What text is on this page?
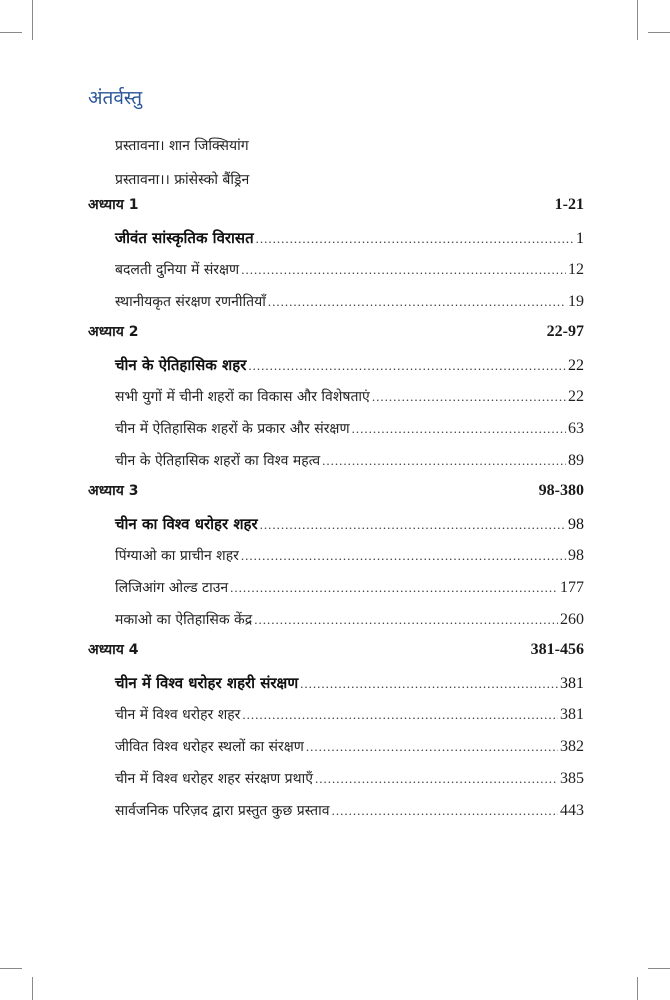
अंतर्वस्तु
प्रस्तावना। शान जिक्सियांग
प्रस्तावना।। फ्रांसेस्को बैंड्रिन
अध्याय 1	1-21
जीवंत सांस्कृतिक विरासत .....	1
बदलती दुनिया में संरक्षण .....	12
स्थानीयकृत संरक्षण रणनीतियाँ .....	19
अध्याय 2	22-97
चीन के ऐतिहासिक शहर .....	22
सभी युगों में चीनी शहरों का विकास और विशेषताएं .....	22
चीन में ऐतिहासिक शहरों के प्रकार और संरक्षण .....	63
चीन के ऐतिहासिक शहरों का विश्व महत्व .....	89
अध्याय 3	98-380
चीन का विश्व धरोहर शहर .....	98
पिंग्याओ का प्राचीन शहर .....	98
लिजिआंग ओल्ड टाउन .....	177
मकाओ का ऐतिहासिक केंद्र .....	260
अध्याय 4	381-456
चीन में विश्व धरोहर शहरी संरक्षण .....	381
चीन में विश्व धरोहर शहर .....	381
जीवित विश्व धरोहर स्थलों का संरक्षण .....	382
चीन में विश्व धरोहर शहर संरक्षण प्रथाएँ .....	385
सार्वजनिक परिज़द द्वारा प्रस्तुत कुछ प्रस्ताव .....	443
